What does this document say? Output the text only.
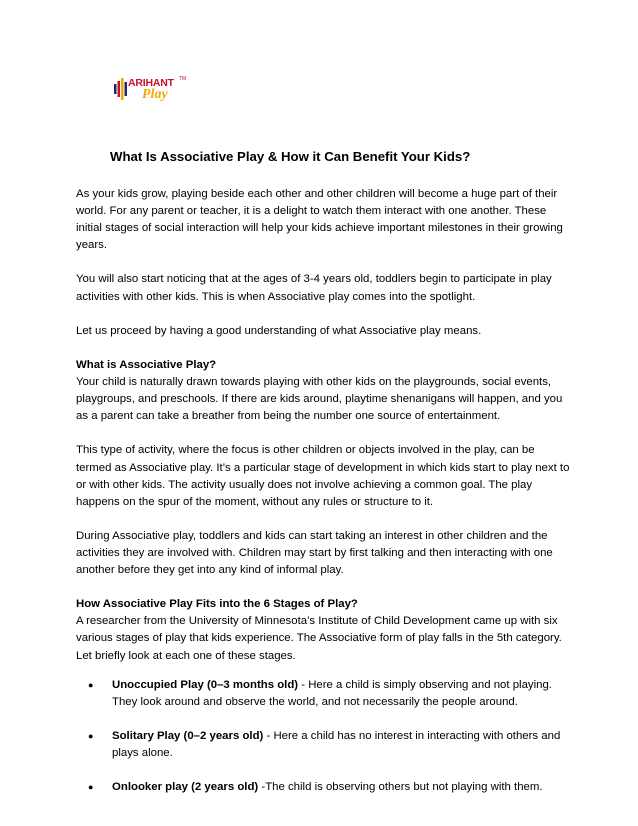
ARIHANT TM
Play
What Is Associative Play & How it Can Benefit Your Kids?

As your kids grow, playing beside each other and other children will become a huge part of their world. For any parent or teacher, it is a delight to watch them interact with one another. These initial stages of social interaction will help your kids achieve important milestones in their growing years.

You will also start noticing that at the ages of 3-4 years old, toddlers begin to participate in play activities with other kids. This is when Associative play comes into the spotlight.

Let us proceed by having a good understanding of what Associative play means.

What is Associative Play?
Your child is naturally drawn towards playing with other kids on the playgrounds, social events, playgroups, and preschools. If there are kids around, playtime shenanigans will happen, and you as a parent can take a breather from being the number one source of entertainment.

This type of activity, where the focus is other children or objects involved in the play, can be termed as Associative play. It’s a particular stage of development in which kids start to play next to or with other kids. The activity usually does not involve achieving a common goal. The play happens on the spur of the moment, without any rules or structure to it.

During Associative play, toddlers and kids can start taking an interest in other children and the activities they are involved with. Children may start by first talking and then interacting with one another before they get into any kind of informal play.

How Associative Play Fits into the 6 Stages of Play?
A researcher from the University of Minnesota’s Institute of Child Development came up with six various stages of play that kids experience. The Associative form of play falls in the 5th category. Let briefly look at each one of these stages.

● Unoccupied Play (0–3 months old) - Here a child is simply observing and not playing. They look around and observe the world, and not necessarily the people around.
● Solitary Play (0–2 years old) - Here a child has no interest in interacting with others and plays alone.
● Onlooker play (2 years old) -The child is observing others but not playing with them.
